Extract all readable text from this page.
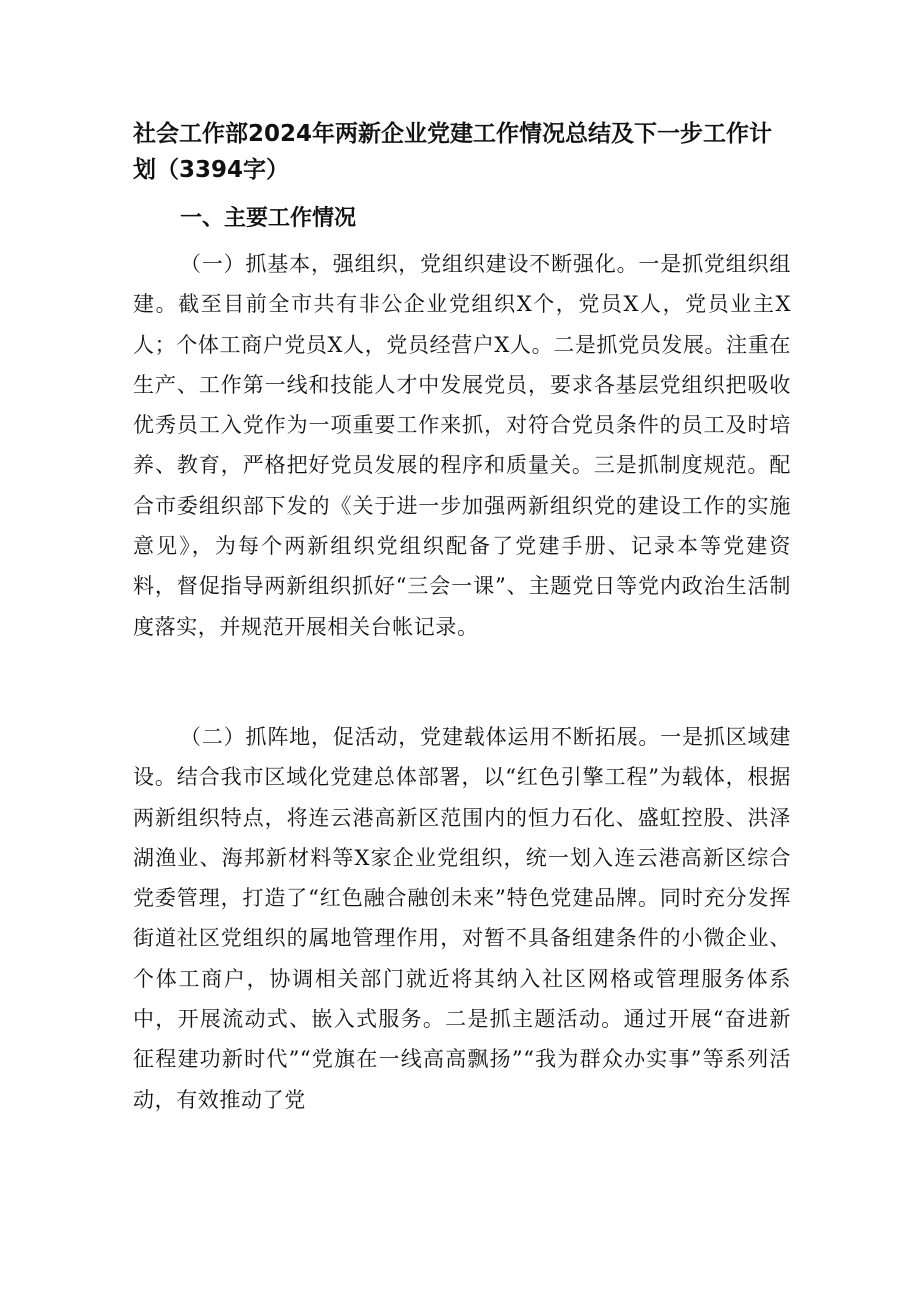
社会工作部2024年两新企业党建工作情况总结及下一步工作计划（3394字）
一、主要工作情况

（一）抓基本，强组织，党组织建设不断强化。一是抓党组织组建。截至目前全市共有非公企业党组织X个，党员X人，党员业主X人；个体工商户党员X人，党员经营户X人。二是抓党员发展。注重在生产、工作第一线和技能人才中发展党员，要求各基层党组织把吸收优秀员工入党作为一项重要工作来抓，对符合党员条件的员工及时培养、教育，严格把好党员发展的程序和质量关。三是抓制度规范。配合市委组织部下发的《关于进一步加强两新组织党的建设工作的实施意见》，为每个两新组织党组织配备了党建手册、记录本等党建资料，督促指导两新组织抓好“三会一课”、主题党日等党内政治生活制度落实，并规范开展相关台帐记录。

（二）抓阵地，促活动，党建载体运用不断拓展。一是抓区域建设。结合我市区域化党建总体部署，以“红色引擎工程”为载体，根据两新组织特点，将连云港高新区范围内的恒力石化、盛虹控股、洪泽湖渔业、海邦新材料等X家企业党组织，统一划入连云港高新区综合党委管理，打造了“红色融合融创未来”特色党建品牌。同时充分发挥街道社区党组织的属地管理作用，对暂不具备组建条件的小微企业、个体工商户，协调相关部门就近将其纳入社区网格或管理服务体系中，开展流动式、嵌入式服务。二是抓主题活动。通过开展“奋进新征程建功新时代”“党旗在一线高高飘扬”“我为群众办实事”等系列活动，有效推动了党
